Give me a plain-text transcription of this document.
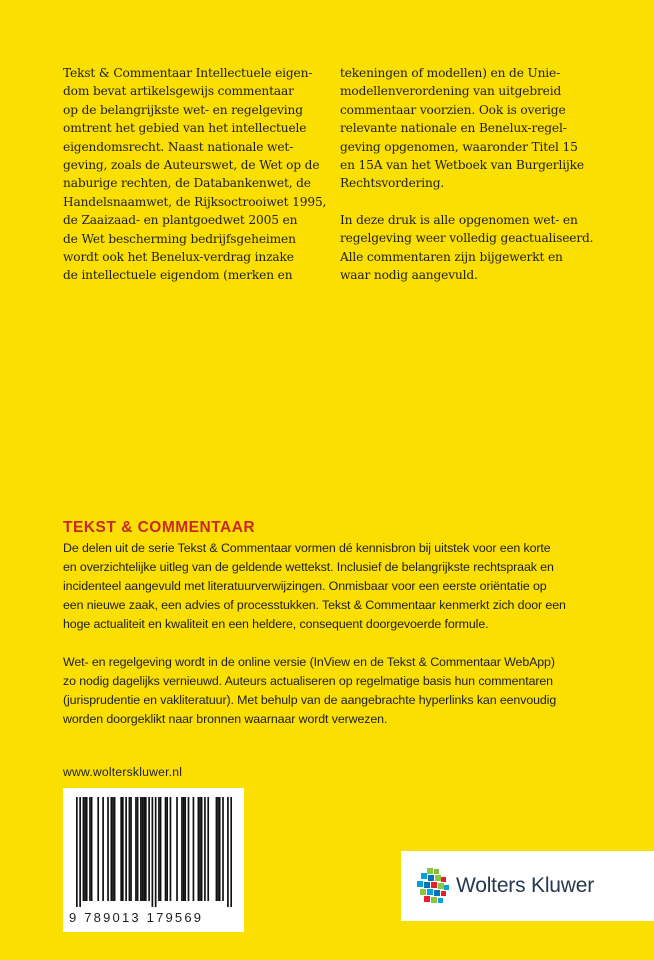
Tekst & Commentaar Intellectuele eigen-
dom bevat artikelsgewijs commentaar
op de belangrijkste wet- en regelgeving
omtrent het gebied van het intellectuele
eigendomsrecht. Naast nationale wet-
geving, zoals de Auteurswet, de Wet op de
naburige rechten, de Databankenwet, de
Handelsnaamwet, de Rijksoctrooiwet 1995,
de Zaaizaad- en plantgoedwet 2005 en
de Wet bescherming bedrijfsgeheimen
wordt ook het Benelux-verdrag inzake
de intellectuele eigendom (merken en

tekeningen of modellen) en de Unie-
modellenverordening van uitgebreid
commentaar voorzien. Ook is overige
relevante nationale en Benelux-regel-
geving opgenomen, waaronder Titel 15
en 15A van het Wetboek van Burgerlijke
Rechtsvordering.

In deze druk is alle opgenomen wet- en
regelgeving weer volledig geactualiseerd.
Alle commentaren zijn bijgewerkt en
waar nodig aangevuld.

TEKST & COMMENTAAR

De delen uit de serie Tekst & Commentaar vormen dé kennisbron bij uitstek voor een korte
en overzichtelijke uitleg van de geldende wettekst. Inclusief de belangrijkste rechtspraak en
incidenteel aangevuld met literatuurverwijzingen. Onmisbaar voor een eerste oriëntatie op
een nieuwe zaak, een advies of processtukken. Tekst & Commentaar kenmerkt zich door een
hoge actualiteit en kwaliteit en een heldere, consequent doorgevoerde formule.

Wet- en regelgeving wordt in de online versie (InView en de Tekst & Commentaar WebApp)
zo nodig dagelijks vernieuwd. Auteurs actualiseren op regelmatige basis hun commentaren
(jurisprudentie en vakliteratuur). Met behulp van de aangebrachte hyperlinks kan eenvoudig
worden doorgeklikt naar bronnen waarnaar wordt verwezen.

www.wolterskluwer.nl
9 789013 179569
Wolters Kluwer
